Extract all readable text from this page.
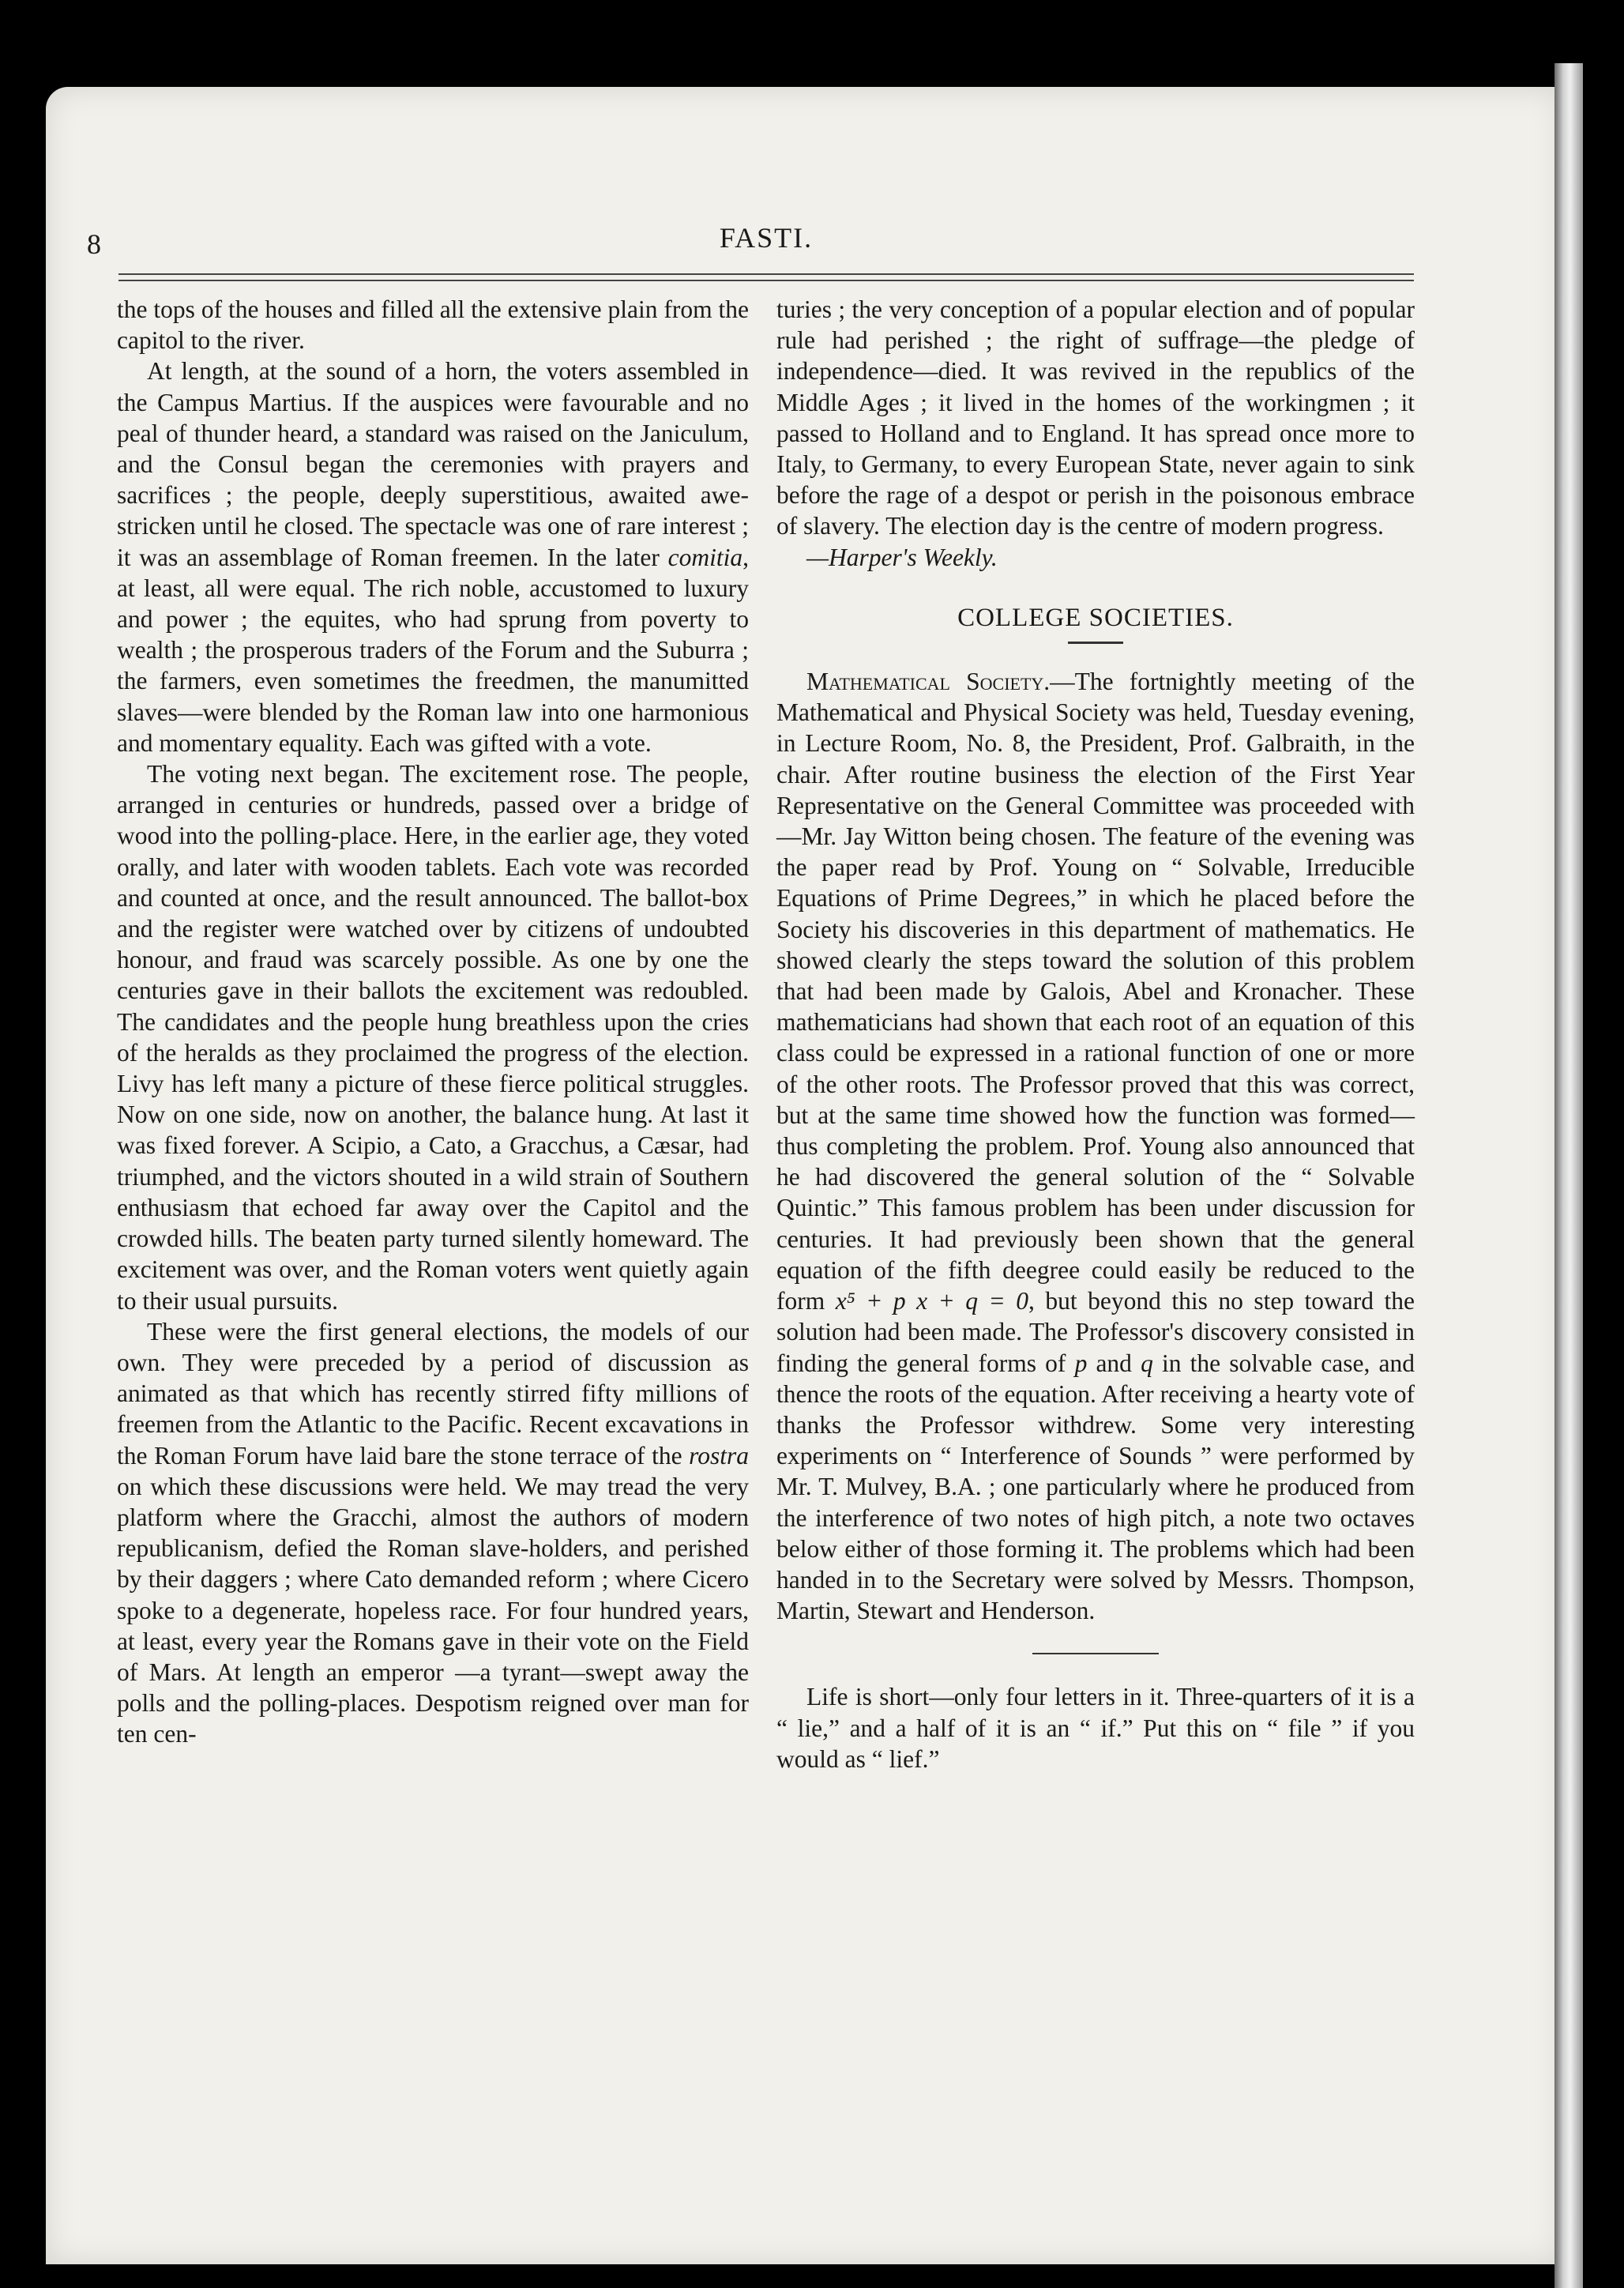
8	FASTI.

the tops of the houses and filled all the extensive plain from the capitol to the river.

At length, at the sound of a horn, the voters assembled in the Campus Martius. If the auspices were favourable and no peal of thunder heard, a standard was raised on the Janiculum, and the Consul began the ceremonies with prayers and sacrifices ; the people, deeply superstitious, awaited awe-stricken until he closed. The spectacle was one of rare interest ; it was an assemblage of Roman freemen. In the later comitia, at least, all were equal. The rich noble, accustomed to luxury and power ; the equites, who had sprung from poverty to wealth ; the prosperous traders of the Forum and the Suburra ; the farmers, even sometimes the freedmen, the manumitted slaves—were blended by the Roman law into one harmonious and momentary equality. Each was gifted with a vote.

The voting next began. The excitement rose. The people, arranged in centuries or hundreds, passed over a bridge of wood into the polling-place. Here, in the earlier age, they voted orally, and later with wooden tablets. Each vote was recorded and counted at once, and the result announced. The ballot-box and the register were watched over by citizens of undoubted honour, and fraud was scarcely possible. As one by one the centuries gave in their ballots the excitement was redoubled. The candidates and the people hung breathless upon the cries of the heralds as they proclaimed the progress of the election. Livy has left many a picture of these fierce political struggles. Now on one side, now on another, the balance hung. At last it was fixed forever. A Scipio, a Cato, a Gracchus, a Cæsar, had triumphed, and the victors shouted in a wild strain of Southern enthusiasm that echoed far away over the Capitol and the crowded hills. The beaten party turned silently homeward. The excitement was over, and the Roman voters went quietly again to their usual pursuits.

These were the first general elections, the models of our own. They were preceded by a period of discussion as animated as that which has recently stirred fifty millions of freemen from the Atlantic to the Pacific. Recent excavations in the Roman Forum have laid bare the stone terrace of the rostra on which these discussions were held. We may tread the very platform where the Gracchi, almost the authors of modern republicanism, defied the Roman slave-holders, and perished by their daggers ; where Cato demanded reform ; where Cicero spoke to a degenerate, hopeless race. For four hundred years, at least, every year the Romans gave in their vote on the Field of Mars. At length an emperor —a tyrant—swept away the polls and the polling-places. Despotism reigned over man for ten cen-

turies ; the very conception of a popular election and of popular rule had perished ; the right of suffrage—the pledge of independence—died. It was revived in the republics of the Middle Ages ; it lived in the homes of the workingmen ; it passed to Holland and to England. It has spread once more to Italy, to Germany, to every European State, never again to sink before the rage of a despot or perish in the poisonous embrace of slavery. The election day is the centre of modern progress.

—Harper's Weekly.

COLLEGE SOCIETIES.

Mathematical Society.—The fortnightly meeting of the Mathematical and Physical Society was held, Tuesday evening, in Lecture Room, No. 8, the President, Prof. Galbraith, in the chair. After routine business the election of the First Year Representative on the General Committee was proceeded with—Mr. Jay Witton being chosen. The feature of the evening was the paper read by Prof. Young on “ Solvable, Irreducible Equations of Prime Degrees,” in which he placed before the Society his discoveries in this department of mathematics. He showed clearly the steps toward the solution of this problem that had been made by Galois, Abel and Kronacher. These mathematicians had shown that each root of an equation of this class could be expressed in a rational function of one or more of the other roots. The Professor proved that this was correct, but at the same time showed how the function was formed—thus completing the problem. Prof. Young also announced that he had discovered the general solution of the “ Solvable Quintic.” This famous problem has been under discussion for centuries. It had previously been shown that the general equation of the fifth deegree could easily be reduced to the form x⁵ + p x + q = 0, but beyond this no step toward the solution had been made. The Professor's discovery consisted in finding the general forms of p and q in the solvable case, and thence the roots of the equation. After receiving a hearty vote of thanks the Professor withdrew. Some very interesting experiments on “ Interference of Sounds ” were performed by Mr. T. Mulvey, B.A. ; one particularly where he produced from the interference of two notes of high pitch, a note two octaves below either of those forming it. The problems which had been handed in to the Secretary were solved by Messrs. Thompson, Martin, Stewart and Henderson.

Life is short—only four letters in it. Three-quarters of it is a “ lie,” and a half of it is an “ if.” Put this on “ file ” if you would as “ lief.”
